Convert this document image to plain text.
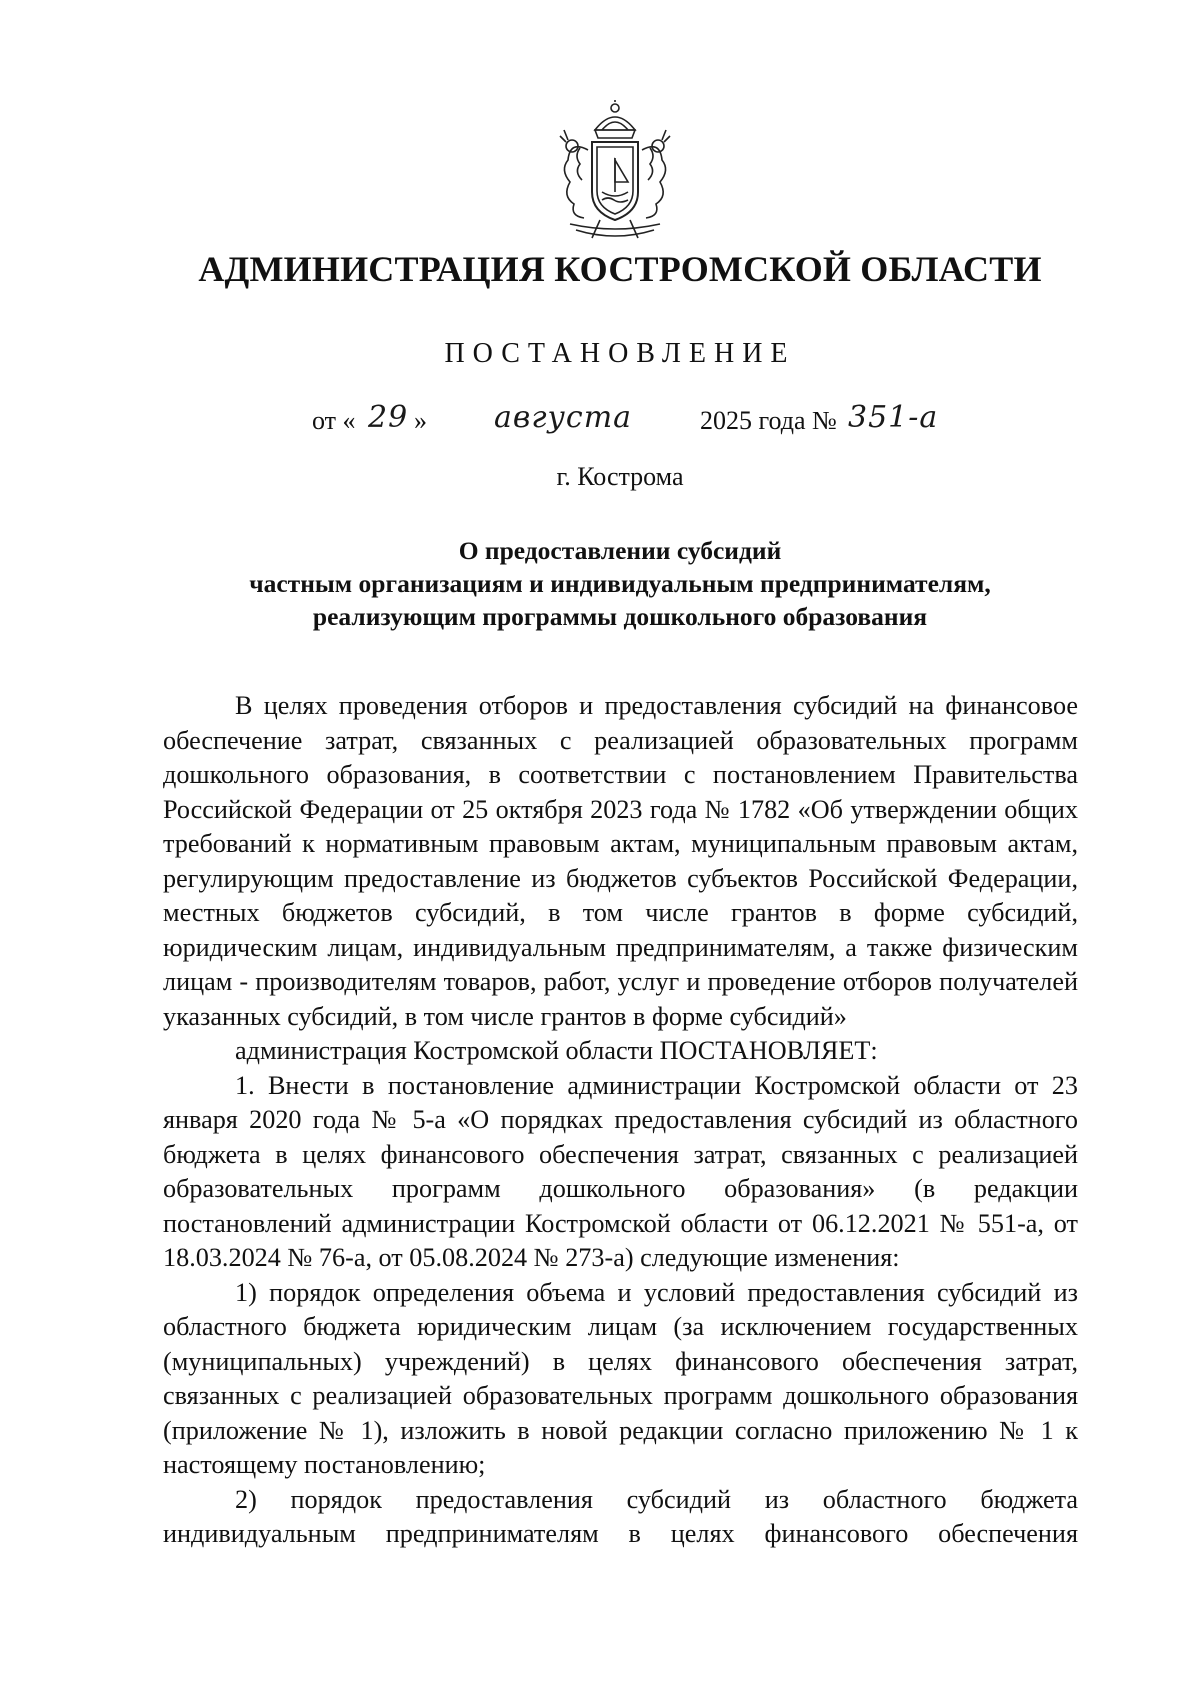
АДМИНИСТРАЦИЯ КОСТРОМСКОЙ ОБЛАСТИ
ПОСТАНОВЛЕНИЕ
от « 29 » августа	2025 года № 351-а
г. Кострома
О предоставлении субсидий
частным организациям и индивидуальным предпринимателям,
реализующим программы дошкольного образования

В целях проведения отборов и предоставления субсидий на финансовое обеспечение затрат, связанных с реализацией образовательных программ дошкольного образования, в соответствии с постановлением Правительства Российской Федерации от 25 октября 2023 года № 1782 «Об утверждении общих требований к нормативным правовым актам, муниципальным правовым актам, регулирующим предоставление из бюджетов субъектов Российской Федерации, местных бюджетов субсидий, в том числе грантов в форме субсидий, юридическим лицам, индивидуальным предпринимателям, а также физическим лицам - производителям товаров, работ, услуг и проведение отборов получателей указанных субсидий, в том числе грантов в форме субсидий»

администрация Костромской области ПОСТАНОВЛЯЕТ:

1. Внести в постановление администрации Костромской области от 23 января 2020 года № 5-а «О порядках предоставления субсидий из областного бюджета в целях финансового обеспечения затрат, связанных с реализацией образовательных программ дошкольного образования» (в редакции постановлений администрации Костромской области от 06.12.2021 № 551-а, от 18.03.2024 № 76-а, от 05.08.2024 № 273-а) следующие изменения:

1) порядок определения объема и условий предоставления субсидий из областного бюджета юридическим лицам (за исключением государственных (муниципальных) учреждений) в целях финансового обеспечения затрат, связанных с реализацией образовательных программ дошкольного образования (приложение № 1), изложить в новой редакции согласно приложению № 1 к настоящему постановлению;

2) порядок предоставления субсидий из областного бюджета индивидуальным предпринимателям в целях финансового обеспечения
